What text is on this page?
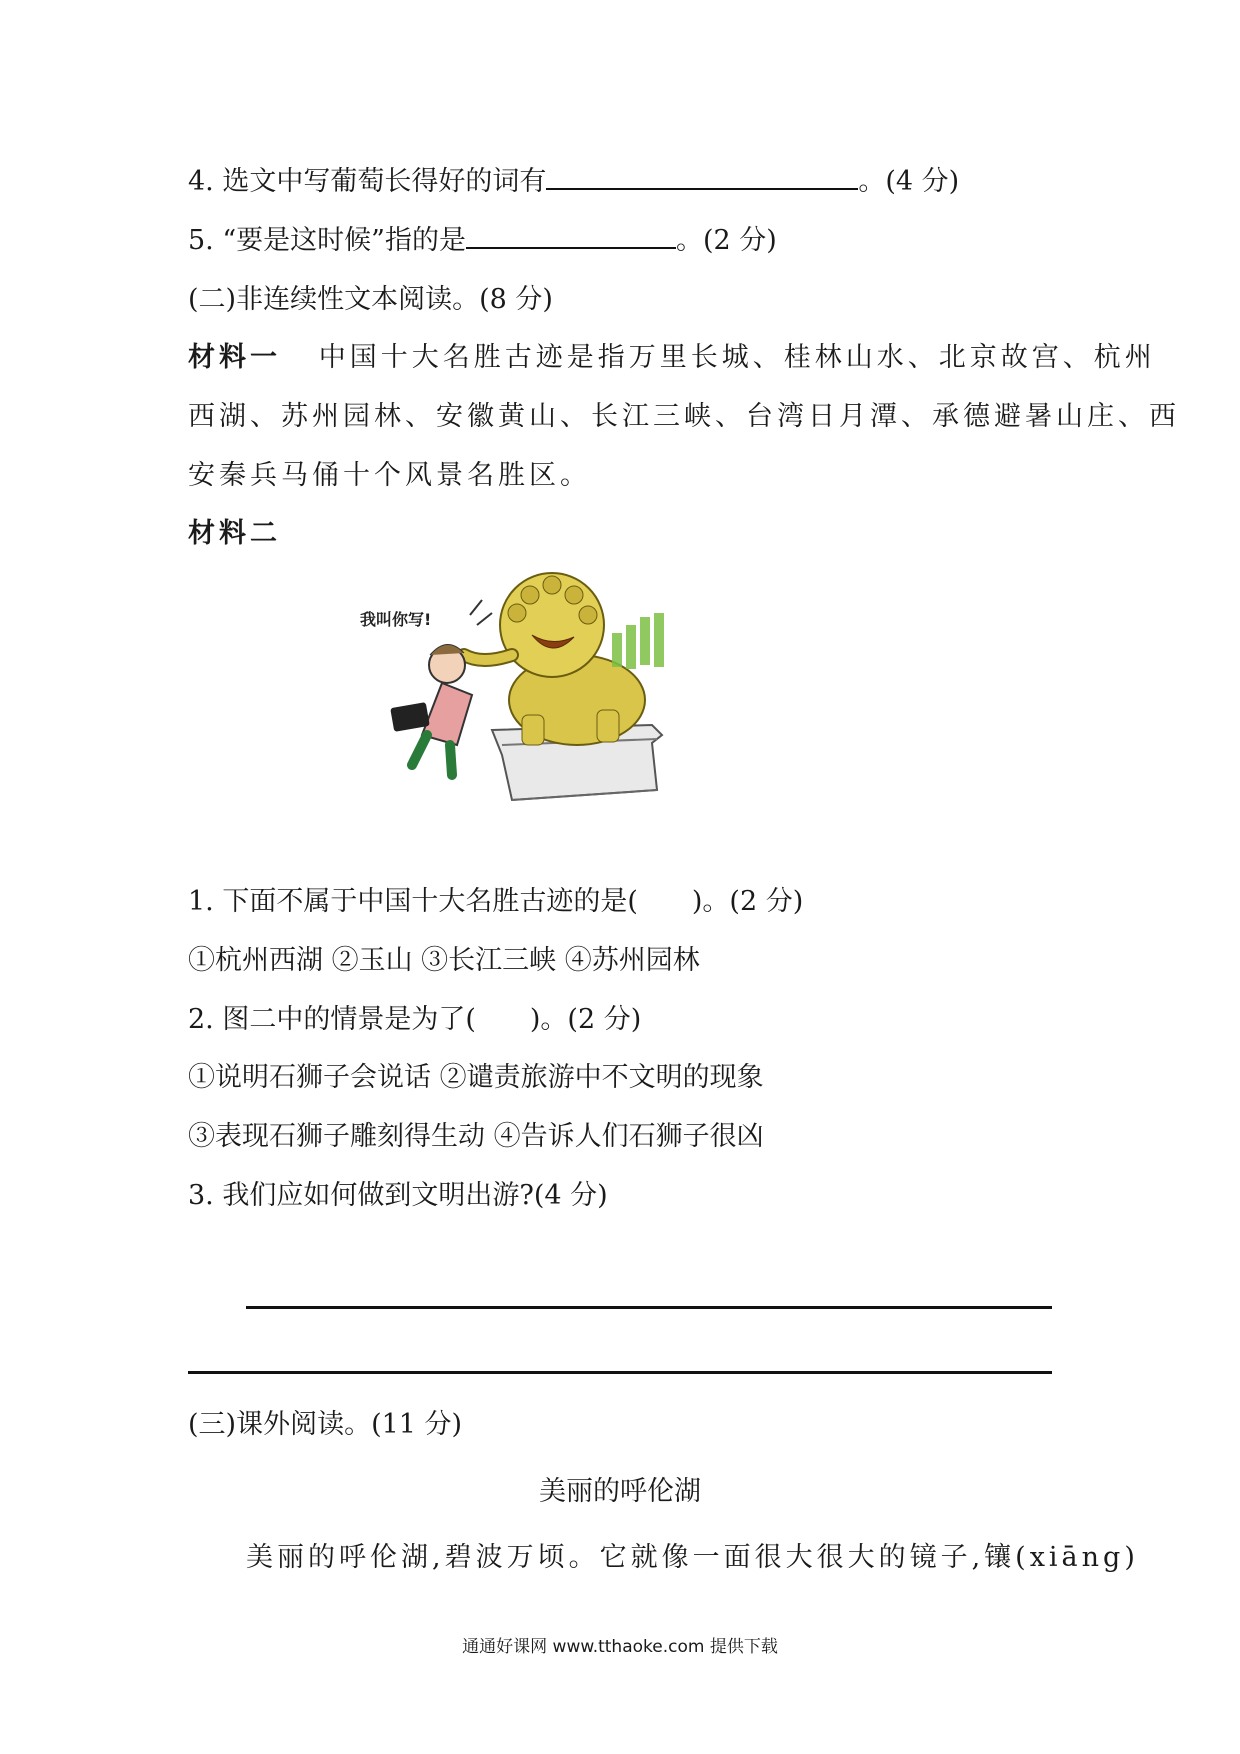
4. 选文中写葡萄长得好的词有	。(4 分)
5. “要是这时候”指的是	。(2 分)
(二)非连续性文本阅读。(8 分)
材料一 中国十大名胜古迹是指万里长城、桂林山水、北京故宫、杭州
西湖、苏州园林、安徽黄山、长江三峡、台湾日月潭、承德避暑山庄、西
安秦兵马俑十个风景名胜区。
材料二
我叫你写!
1. 下面不属于中国十大名胜古迹的是(　　)。(2 分)
①杭州西湖 ②玉山 ③长江三峡 ④苏州园林
2. 图二中的情景是为了(　　)。(2 分)
①说明石狮子会说话 ②谴责旅游中不文明的现象
③表现石狮子雕刻得生动 ④告诉人们石狮子很凶
3. 我们应如何做到文明出游?(4 分)
(三)课外阅读。(11 分)
美丽的呼伦湖
美丽的呼伦湖,碧波万顷。它就像一面很大很大的镜子,镶(xiāng)
通通好课网 www.tthaoke.com 提供下载
